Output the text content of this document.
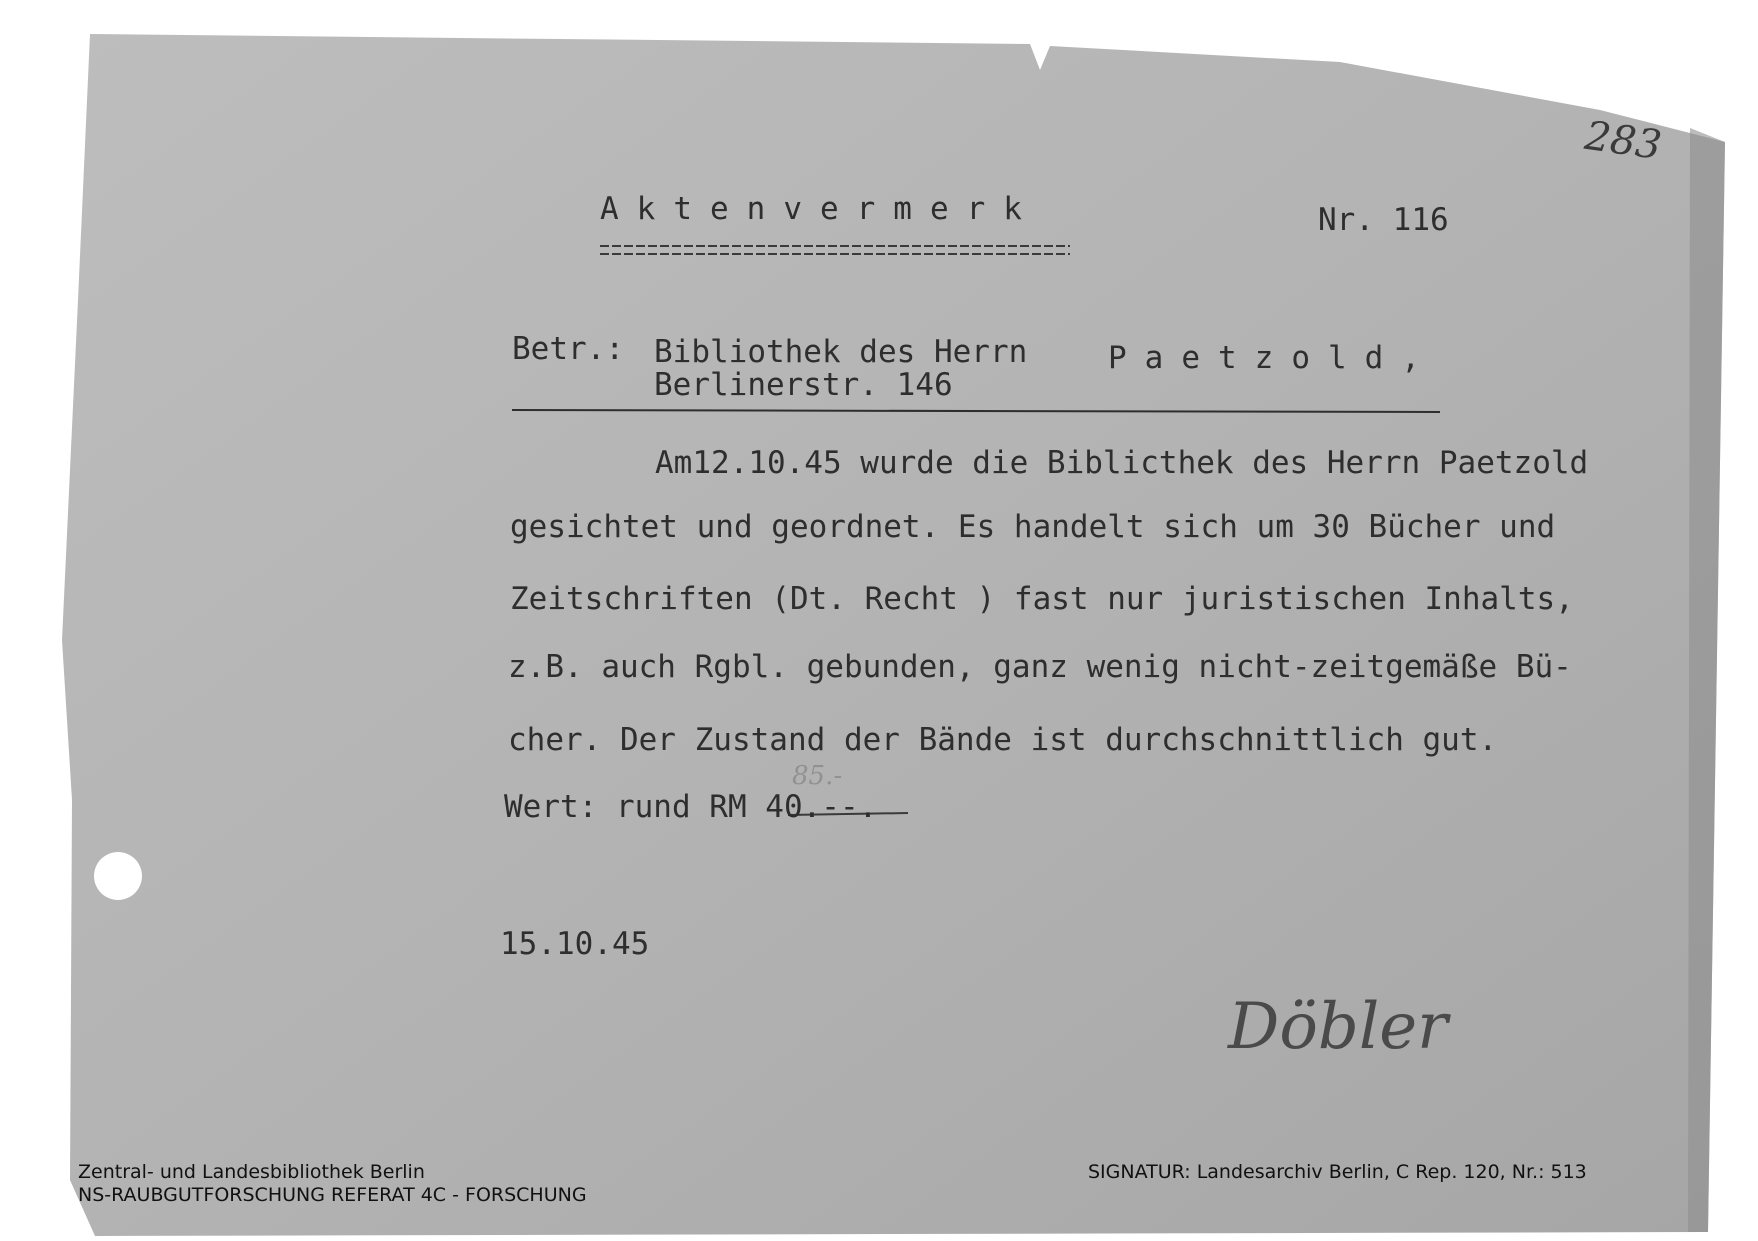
85.-

283

Aktenvermerk	Nr. 116

Betr.: Bibliothek des Herrn	Paetzold,

Berlinerstr. 146

Am12.10.45 wurde die Biblicthek des Herrn Paetzold

gesichtet und geordnet. Es handelt sich um 30 Bücher und

Zeitschriften (Dt. Recht ) fast nur juristischen Inhalts,

z.B. auch Rgbl. gebunden, ganz wenig nicht-zeitgemäße Bü-

cher. Der Zustand der Bände ist durchschnittlich gut.

Wert: rund RM 40.--.

15.10.45

Döbler

Zentral- und Landesbibliothek Berlin

NS-RAUBGUTFORSCHUNG REFERAT 4C - FORSCHUNG

SIGNATUR: Landesarchiv Berlin, C Rep. 120, Nr.: 513
